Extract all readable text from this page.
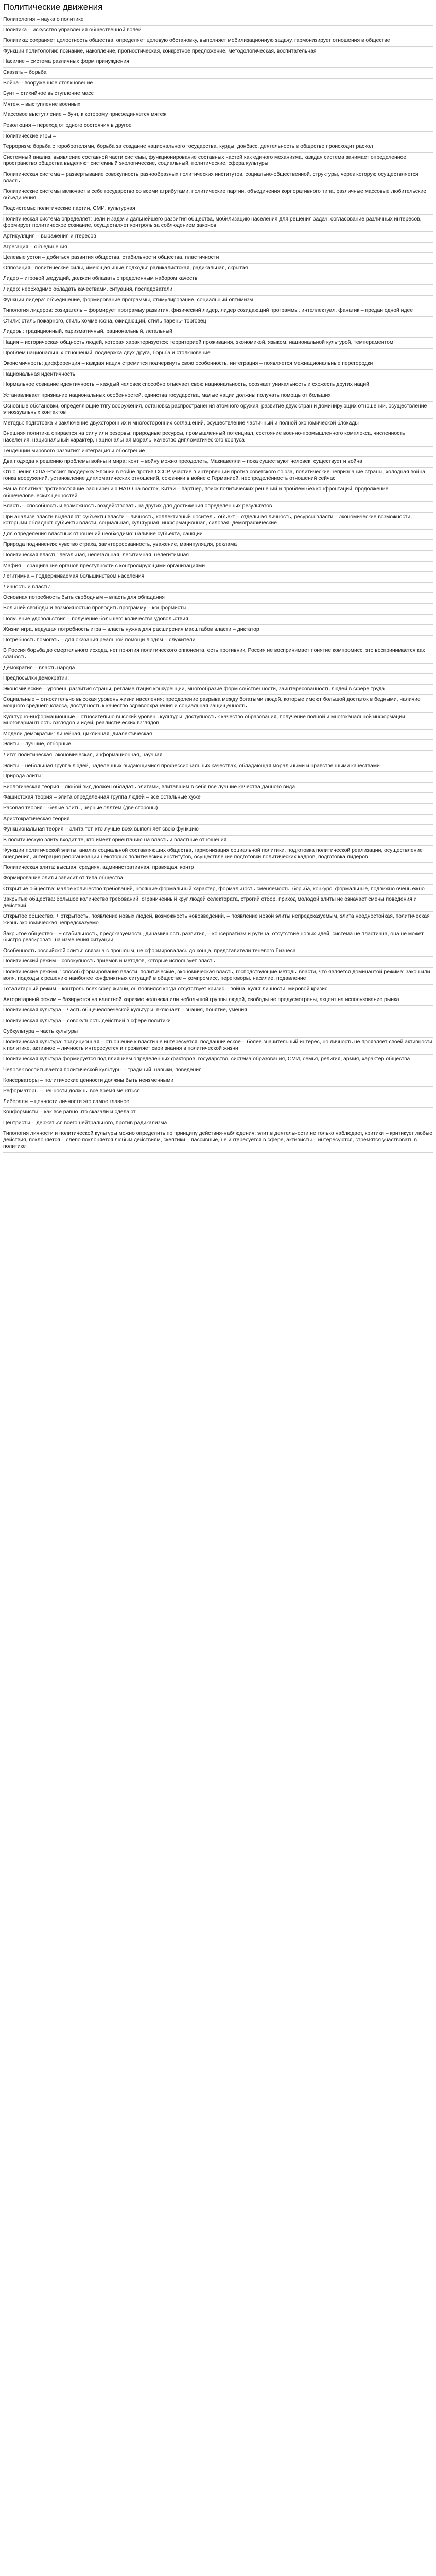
Политические движения

Политология – наука о политике

Политика – искусство управления общественной волей

Политика: сохраняет целостность общества, определяет целевую обстановку, выполняет мобилизационную задачу, гармонизирует отношения в обществе

Функции политологии: познание, накопление, прогностическая, конкретное предложение, методологическая, воспитательная

Насилие – система различных форм принуждения

Сказать – борьба

Война – вооруженное столкновение

Бунт – стихийное выступление масс

Мятеж – выступление военных

Массовое выступление – бунт, к которому присоединяется мятеж

Революция – переход от одного состояния в другое

Политические игры –

Терроризм: борьба с горобротелями, борьба за создание национального государства, курды, донбасс, деятельность в обществе происходит раскол

Системный анализ: выявление составной части системы, функционирование составных частей как единого механизма, каждая система занимает определенное пространство общества выделяют системный экологические, социальный, политические, сфера культуры

Политическая система – развертывание совокупность разнообразных политических институтов, социально-общественной, структуры, через которую осуществляется власть

Политические системы включает в себе государство со всеми атрибутами, политические партии, объединения корпоративного типа, различные массовые любительские объединения

Подсистемы: политические партии, СМИ, культурная

Политическая система определяет: цели и задачи дальнейшего развития общества, мобилизацию населения для решения задач, согласование различных интересов, формирует политическое сознание, осуществляет контроль за соблюдением законов

Артикуляция – выражения интересов

Агрегация – объединения

Целевые устои – добиться развития общества, стабильности общества, пластичности

Оппозиция– политические силы, имеющая иные подходы: радикалистская, радикальная, скрытая

Лидер – игровой ,ведущий, должен обладать определенным набором качеств

Лидер: необходимо обладать качествами, ситуация, последователи

Функции лидера: объединение, формирование программы, стимулирование, социальный оптимизм

Типология лидеров: созидатель – формирует программу развития, физический лидер, лидер созидающий программы, интеллектуал, фанатик – предан одной идее

Стили: стиль пожарного, стиль хомменсона, ожидающий, стиль парень- торговец

Лидеры: традиционный, харизматичный, рациональный, легальный

Нация – историческая общность людей, которая характеризуется: территорией проживания, экономикой, языком, национальной культурой, темпераментом

Проблем национальных отношений: поддержка двух друга, борьба и столкновение

Экономичность: дифференция – каждая нация стремится подчеркнуть свою особенность, интеграция – появляется межнациональные перегородки

Национальная идентичность

Нормальное сознание идентичность – каждый человек способно отмечает свою национальность, осознает уникальность и схожесть других наций

Устанавливает признание национальных особенностей, единства государства, малые нации должны получать помощь от больших

Основные обстановки, определяющие тягу вооружения, остановка распространения атомного оружия, развитие двух стран и доминирующих отношений, осуществление этноэзуальных контактов

Методы: подготовка и заключение двухсторонних и многосторонних соглашений, осуществление частичный и полной экономической блокады

Внешняя политика опирается на силу или резервы: природные ресурсы, промышленный потенциал, состояние военно-промышленного комплекса, численность населения, национальный характер, национальная мораль, качество дипломатического корпуса

Тенденции мирового развития: интеграция и обострение

Два подхода к решению проблемы войны и мира: конт – войну можно преодолеть, Макиавелли – пока существуют человек, существует и война

Отношения США-Россия: поддержку Японии в войне против СССР, участие в интервенции против советского союза, политические непризнание страны, холодная война, гонка вооружений, установление дипломатических отношений, союзники в войне с Германией, неопределённость отношений сейчас

Наша политика: противостояние расширению НАТО на восток, Китай – партнер, поиск политических решений и проблем без конфронтаций, продолжение общечеловеческих ценностей

Власть – способность и возможность воздействовать на других для достижения определенных результатов

При анализе власти выделяют: субъекты власти – личность, коллективный носитель, объект – отдельная личность, ресурсы власти – экономические возможности, которыми обладают субъекты власти, социальная, культурная, информационная, силовая, демографические

Для определения властных отношений необходимо: наличие субъекта, санкции

Природа подчинения: чувство страха, заинтересованность, уважение, манипуляция, реклама

Политическая власть: легальная, нелегальная, легитимная, нелегитимная

Мафия – сращивание органов преступности с контролирующими организациями

Легитимна – поддерживаемая большинством населения

Личность и власть:

Основная потребность быть свободным – власть для обладания

Большей свободы и возможностью проводить программу – конформисты

Получение удовольствия – получение большего количества удовольствия

Жизни игра, ведущая потребность игра – власть нужна для расширения масштабов власти – диктатор

Потребность помогать – для оказания реальной помощи людям – служители

В Россия борьба до смертельного исхода, нет понятия политического оппонента, есть противник, Россия не воспринимает понятие компромисс, это воспринимается как слабость

Демократия – власть народа

Предпосылки демократии:

Экономические – уровень развития страны, регламентация конкуренции, многообразие форм собственности, заинтересованность людей в сфере труда

Социальные – относительно высокая уровень жизни населения; преодоление разрыва между богатыми людей, которые имеют большой достаток в бедными, наличие мощного среднего класса, доступность к качество здравоохранения и социальная защищенность

Культурно-информационные – относительно высокий уровень культуры, доступность к качество образования, получение полной и многоканальной информации, многовариантность взглядов и идей, реалистических взглядов

Модели демократии: линейная, цикличная, диалектическая

Элиты – лучшие, отборные

Литл: политическая, экономическая, информационная, научная

Элиты – небольшая группа людей, наделенных выдающимися профессиональных качествах, обладающая моральными и нравственными качествами

Природа элиты:

Биологическая теория – любой вид должен обладать элитами, влитавшим в себя все лучшие качества данного вида

Фашистская теория – элита определенная группа людей – все остальные хуже

Расовая теория – белые элиты, черные эллтем (две стороны)

Аристократическая теория

Функциональная теория – элита тот, кто лучше всех выполняет свою функцию

В политическую элиту входит те, кто имеет ориентацию на власть и властные отношения

Функции политической элиты: анализ социальной составляющих общества, гармонизация социальной политики, подготовка политической реализации, осуществление внедрения, интеграция реорганизации некоторых политических институтов, осуществление подготовки политических кадров, подготовка лидеров

Политическая элита: высшая, средняя, административная, правящая, контр

Формирование элиты зависит от типа общества

Открытые общества: малое количество требований, носящие формальный характер, формальность сменяемость, борьба, конкурс, формальные, подвижно очень ежно

Закрытые общества: большое количество требований, ограниченный круг людей селектората, строгий отбор, приход молодой элиты не означает смены поведения и действий

Открытое общество, + открытость, появление новых людей, возможность нововведений, – появление новой элиты непредсказуемым, элита неодностойкая, политическая жизнь экономическая непредсказуемо

Закрытое общество – + стабильность, предсказуемость, динамичность развития, – консерватизм и рутина, отсутствие новых идей, система не пластична, она не может быстро реагировать на изменения ситуации

Особенность российской элиты: связана с прошлым, не сформировалась до конца, представители теневого бизнеса

Политический режим – совокупность приемов и методов, которые использует власть

Политические режимы: способ формирования власти, политические, экономическая власть, господствующие методы власти, что является доминантой режима: закон или воля, подходы к решению наиболее конфликтных ситуаций в обществе – компромисс, переговоры, насилие, подавление

Тоталитарный режим – контроль всех сфер жизни, он появился когда отсутствует кризис – война, культ личности, мировой кризис

Авторитарный режим – базируется на властной харизме человека или небольшой группы людей, свободы не предусмотрены, акцент на использование рынка

Политическая культура – часть общечеловеческой культуры, включает – знания, понятие, умения

Политическая культура – совокупность действий в сфере политики

Субкультура – часть культуры

Политическая культура: традиционная – отношение к власти не интересуется, подданническое – более значительный интерес, но личность не проявляет своей активности к политике, активное – личность интересуется и проявляет свои знания в политической жизни

Политическая культура формируется под влиянием определенных факторов: государство, система образования, СМИ, семья, религия, армия, характер общества

Человек воспитывается политической культуры – традиций, навыки, поведения

Консерваторы – политические ценности должны быть неизменными

Реформаторы – ценности должны все время меняться

Либералы – ценности личности это самое главное

Конформисты – как все равно что сказали и сделают

Центристы – держаться всего нейтрального, против радикализма

Типология личности и политической культуры можно определить по принципу действия-наблюдения: элит в деятельности не только наблюдает, критики – критикует любые действия, поклоняется – слепо поклоняется любым действиям, скептики – пассивные, не интересуется в сфере, активисты – интересуются, стремятся участвовать в политике
